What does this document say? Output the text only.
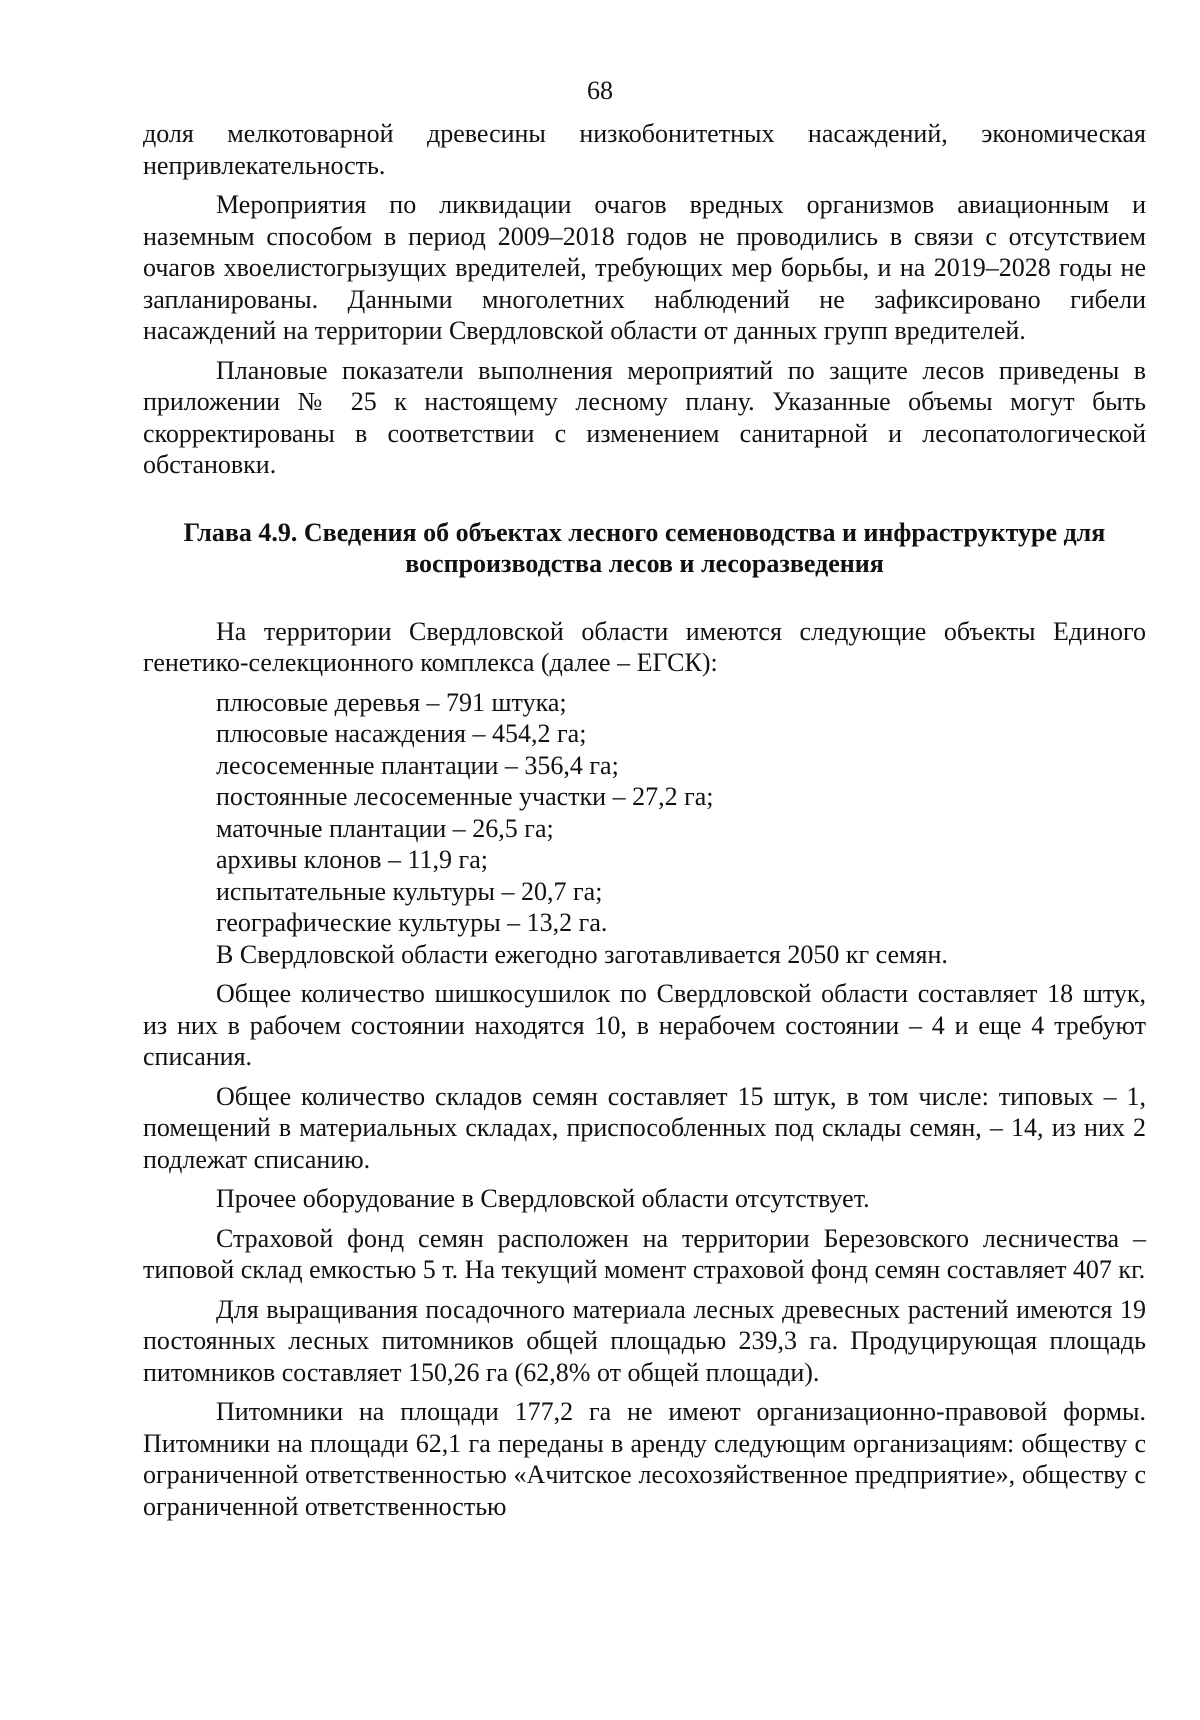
68

доля мелкотоварной древесины низкобонитетных насаждений, экономическая непривлекательность.

Мероприятия по ликвидации очагов вредных организмов авиационным и наземным способом в период 2009–2018 годов не проводились в связи с отсутствием очагов хвоелистогрызущих вредителей, требующих мер борьбы, и на 2019–2028 годы не запланированы. Данными многолетних наблюдений не зафиксировано гибели насаждений на территории Свердловской области от данных групп вредителей.

Плановые показатели выполнения мероприятий по защите лесов приведены в приложении № 25 к настоящему лесному плану. Указанные объемы могут быть скорректированы в соответствии с изменением санитарной и лесопатологической обстановки.

Глава 4.9. Сведения об объектах лесного семеноводства и инфраструктуре для воспроизводства лесов и лесоразведения

На территории Свердловской области имеются следующие объекты Единого генетико-селекционного комплекса (далее – ЕГСК):

плюсовые деревья – 791 штука;
плюсовые насаждения – 454,2 га;
лесосеменные плантации – 356,4 га;
постоянные лесосеменные участки – 27,2 га;
маточные плантации – 26,5 га;
архивы клонов – 11,9 га;
испытательные культуры – 20,7 га;
географические культуры – 13,2 га.

В Свердловской области ежегодно заготавливается 2050 кг семян.

Общее количество шишкосушилок по Свердловской области составляет 18 штук, из них в рабочем состоянии находятся 10, в нерабочем состоянии – 4 и еще 4 требуют списания.

Общее количество складов семян составляет 15 штук, в том числе: типовых – 1, помещений в материальных складах, приспособленных под склады семян, – 14, из них 2 подлежат списанию.

Прочее оборудование в Свердловской области отсутствует.

Страховой фонд семян расположен на территории Березовского лесничества – типовой склад емкостью 5 т. На текущий момент страховой фонд семян составляет 407 кг.

Для выращивания посадочного материала лесных древесных растений имеются 19 постоянных лесных питомников общей площадью 239,3 га. Продуцирующая площадь питомников составляет 150,26 га (62,8% от общей площади).

Питомники на площади 177,2 га не имеют организационно-правовой формы. Питомники на площади 62,1 га переданы в аренду следующим организациям: обществу с ограниченной ответственностью «Ачитское лесохозяйственное предприятие», обществу с ограниченной ответственностью
